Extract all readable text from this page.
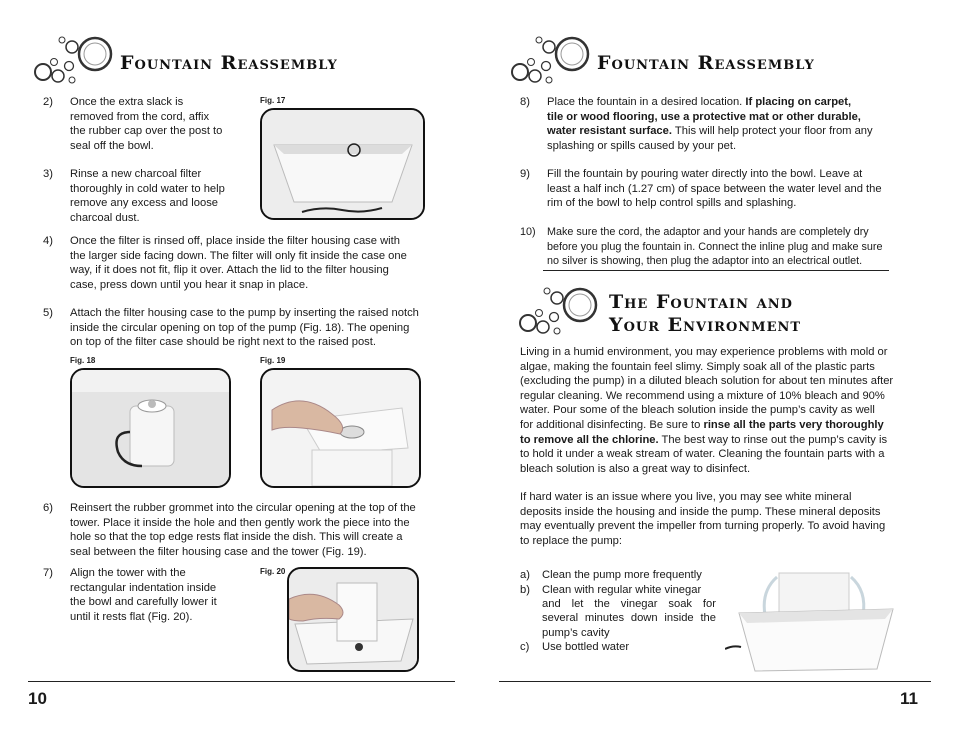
Fountain Reassembly
2) Once the extra slack is
removed from the cord, affix
the rubber cap over the post to
seal off the bowl.
3) Rinse a new charcoal filter
thoroughly in cold water to help
remove any excess and loose
charcoal dust.
Fig. 17
4) Once the filter is rinsed off, place inside the filter housing case with
the larger side facing down. The filter will only fit inside the case one
way, if it does not fit, flip it over. Attach the lid to the filter housing
case, press down until you hear it snap in place.
5) Attach the filter housing case to the pump by inserting the raised notch
inside the circular opening on top of the pump (Fig. 18). The opening
on top of the filter case should be right next to the raised post.
Fig. 18	Fig. 19
6) Reinsert the rubber grommet into the circular opening at the top of the
tower. Place it inside the hole and then gently work the piece into the
hole so that the top edge rests flat inside the dish. This will create a
seal between the filter housing case and the tower (Fig. 19).
7) Align the tower with the
rectangular indentation inside
the bowl and carefully lower it
until it rests flat (Fig. 20).
Fig. 20
10
Fountain Reassembly
8) Place the fountain in a desired location. If placing on carpet,
tile or wood flooring, use a protective mat or other durable,
water resistant surface. This will help protect your floor from any
splashing or spills caused by your pet.
9) Fill the fountain by pouring water directly into the bowl. Leave at
least a half inch (1.27 cm) of space between the water level and the
rim of the bowl to help control spills and splashing.
10) Make sure the cord, the adaptor and your hands are completely dry
before you plug the fountain in. Connect the inline plug and make sure
no silver is showing, then plug the adaptor into an electrical outlet.
The Fountain and
Your Environment
Living in a humid environment, you may experience problems with mold or
algae, making the fountain feel slimy. Simply soak all of the plastic parts
(excluding the pump) in a diluted bleach solution for about ten minutes after
regular cleaning. We recommend using a mixture of 10% bleach and 90%
water. Pour some of the bleach solution inside the pump’s cavity as well
for additional disinfecting. Be sure to rinse all the parts very thoroughly
to remove all the chlorine. The best way to rinse out the pump’s cavity is
to hold it under a weak stream of water. Cleaning the fountain parts with a
bleach solution is also a great way to disinfect.
If hard water is an issue where you live, you may see white mineral
deposits inside the housing and inside the pump. These mineral deposits
may eventually prevent the impeller from turning properly. To avoid having
to replace the pump:
a) Clean the pump more frequently
b) Clean with regular white vinegar
and let the vinegar soak for
several minutes down inside the
pump’s cavity
c) Use bottled water
11
